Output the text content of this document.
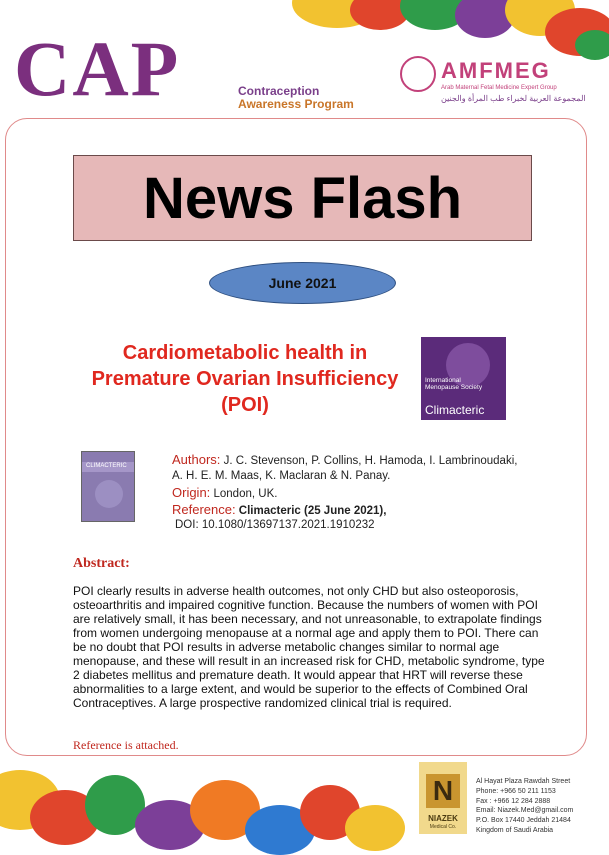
CAP	Contraception
Awareness Program
AMFMEG
Arab Maternal Fetal Medicine Expert Group
المجموعة العربية لخبراء طب المرأة والجنين
News Flash
June 2021
Cardiometabolic health in Premature Ovarian Insufficiency (POI)
International Menopause Society
Climacteric
CLIMACTERIC	Authors: J. C. Stevenson, P. Collins, H. Hamoda, I. Lambrinoudaki, A. H. E. M. Maas, K. Maclaran & N. Panay.
Origin: London, UK.
Reference: Climacteric (25 June 2021),
DOI: 10.1080/13697137.2021.1910232
Abstract:
POI clearly results in adverse health outcomes, not only CHD but also osteoporosis, osteoarthritis and impaired cognitive function. Because the numbers of women with POI are relatively small, it has been necessary, and not unreasonable, to extrapolate findings from women undergoing menopause at a normal age and apply them to POI. There can be no doubt that POI results in adverse metabolic changes similar to normal age menopause, and these will result in an increased risk for CHD, metabolic syndrome, type 2 diabetes mellitus and premature death. It would appear that HRT will reverse these abnormalities to a large extent, and would be superior to the effects of Combined Oral Contraceptives. A large prospective randomized clinical trial is required.
Reference is attached.
N
NIAZEK
Medical Co.
Al Hayat Plaza Rawdah Street
Phone: +966 50 211 1153
Fax : +966 12 284 2888
Email: Niazek.Med@gmail.com
P.O. Box 17440 Jeddah 21484
Kingdom of Saudi Arabia
